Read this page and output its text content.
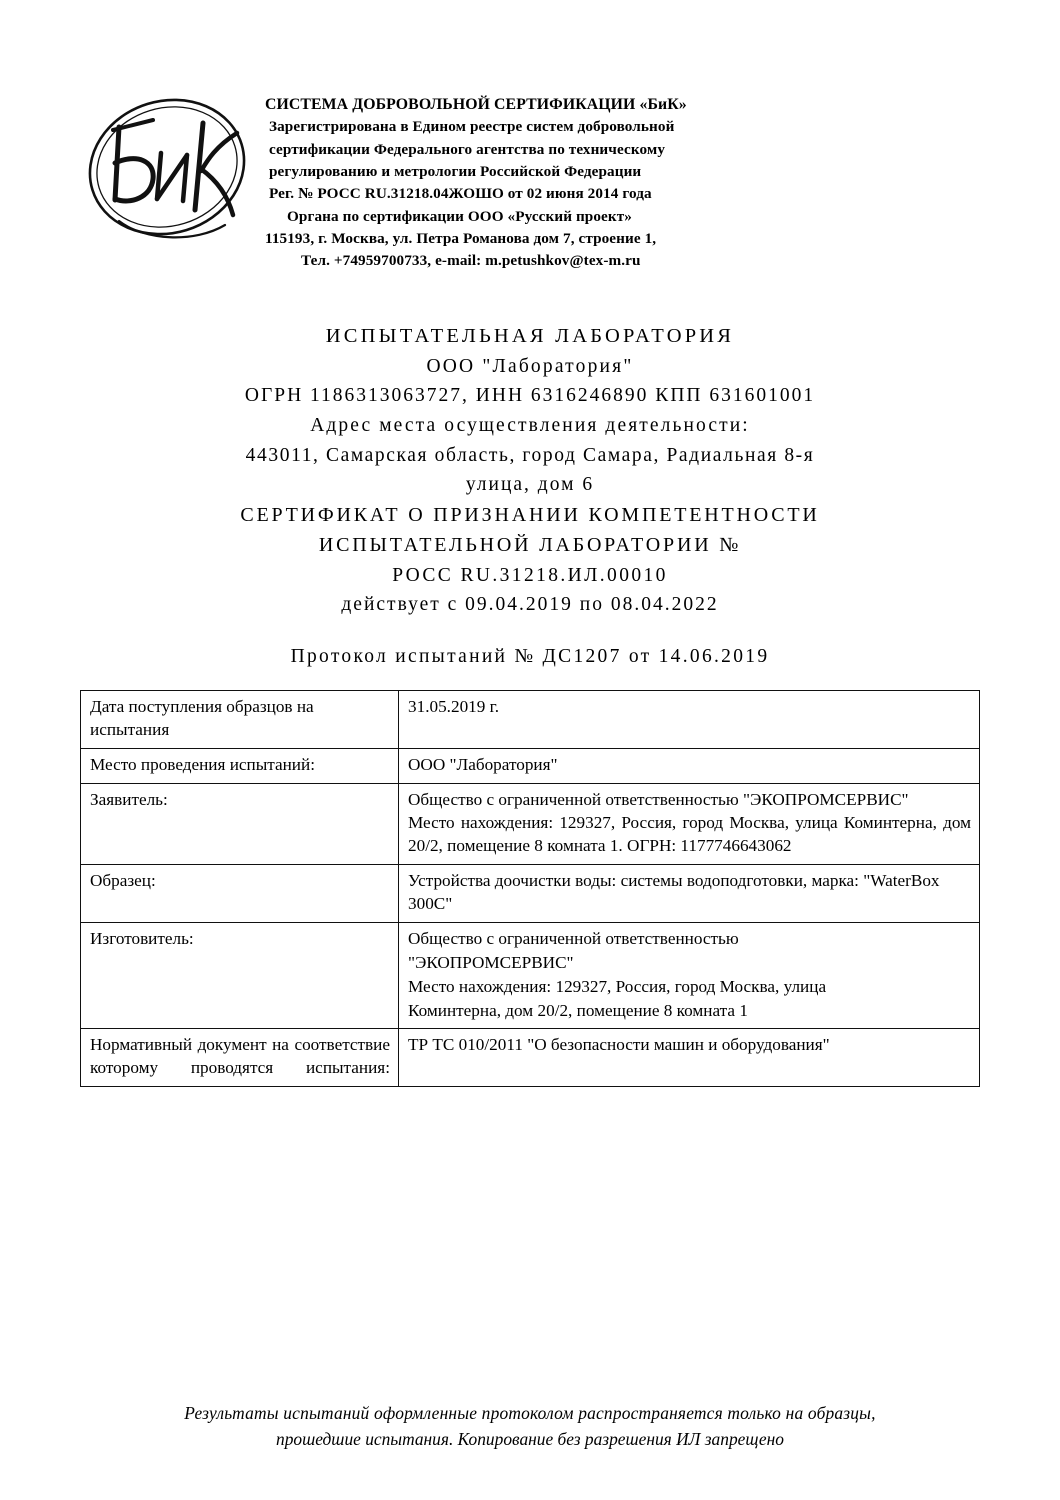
СИСТЕМА ДОБРОВОЛЬНОЙ СЕРТИФИКАЦИИ «БиК»
Зарегистрирована в Едином реестре систем добровольной
сертификации Федерального агентства по техническому
регулированию и метрологии Российской Федерации
Рег. № РОСС RU.31218.04ЖОШО от 02 июня 2014 года
Органа по сертификации ООО «Русский проект»
115193, г. Москва, ул. Петра Романова дом 7, строение 1,
Тел. +74959700733, e-mail: m.petushkov@tex-m.ru
ИСПЫТАТЕЛЬНАЯ ЛАБОРАТОРИЯ
ООО "Лаборатория"
ОГРН 1186313063727, ИНН 6316246890 КПП 631601001
Адрес места осуществления деятельности:
443011, Самарская область, город Самара, Радиальная 8-я
улица, дом 6
СЕРТИФИКАТ О ПРИЗНАНИИ КОМПЕТЕНТНОСТИ
ИСПЫТАТЕЛЬНОЙ ЛАБОРАТОРИИ №
РОСС RU.31218.ИЛ.00010
действует с 09.04.2019 по 08.04.2022
Протокол испытаний № ДС1207 от 14.06.2019
Дата поступления образцов на испытания	31.05.2019 г.

Место проведения испытаний:	ООО "Лаборатория"

Заявитель:	Общество с ограниченной ответственностью "ЭКОПРОМСЕРВИС"

Место нахождения: 129327, Россия, город Москва, улица Коминтерна, дом 20/2, помещение 8 комната 1. ОГРН: 1177746643062

Образец:	Устройства доочистки воды: системы водоподготовки, марка: "WaterBox 300C"

Изготовитель:	Общество с ограниченной ответственностью

"ЭКОПРОМСЕРВИС"

Место нахождения: 129327, Россия, город Москва, улица

Коминтерна, дом 20/2, помещение 8 комната 1

Нормативный документ на соответствие которому проводятся испытания:	ТР ТС 010/2011 "О безопасности машин и оборудования"

Результаты испытаний оформленные протоколом распространяется только на образцы,
прошедшие испытания. Копирование без разрешения ИЛ запрещено
